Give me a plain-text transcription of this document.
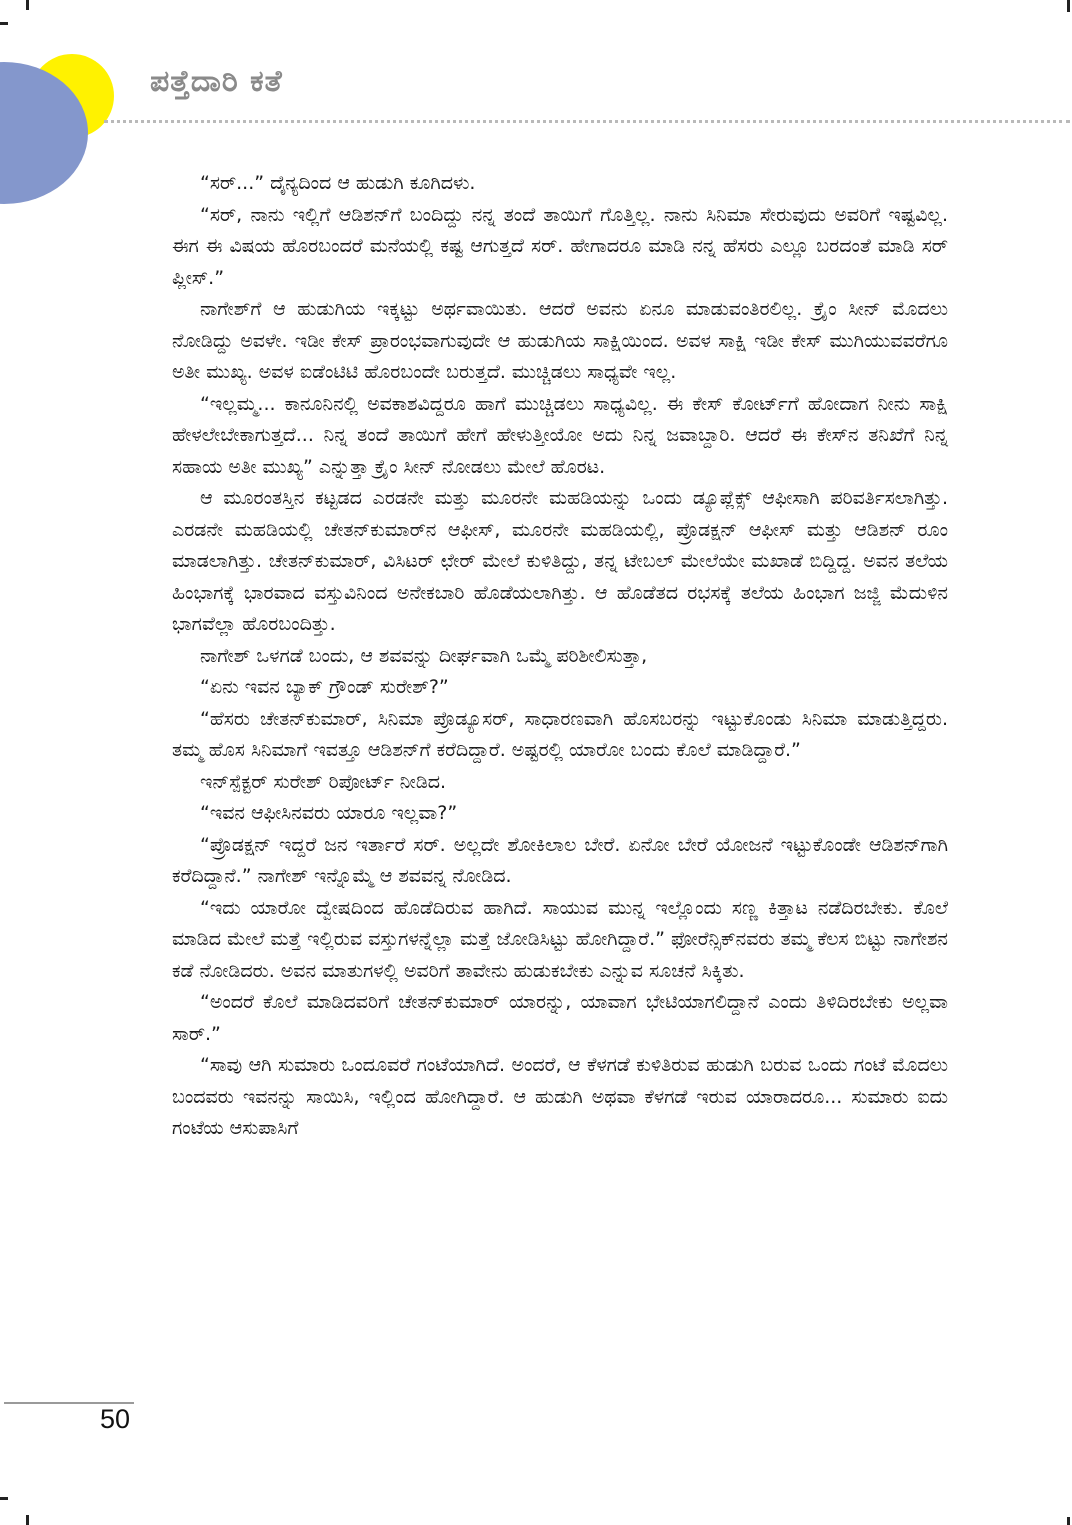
ಪತ್ತೆದಾರಿ ಕತೆ

“ಸರ್...” ದೈನ್ಯದಿಂದ ಆ ಹುಡುಗಿ ಕೂಗಿದಳು.

“ಸರ್, ನಾನು ಇಲ್ಲಿಗೆ ಆಡಿಶನ್‌ಗೆ ಬಂದಿದ್ದು ನನ್ನ ತಂದೆ ತಾಯಿಗೆ ಗೊತ್ತಿಲ್ಲ. ನಾನು ಸಿನಿಮಾ ಸೇರುವುದು ಅವರಿಗೆ ಇಷ್ಟವಿಲ್ಲ. ಈಗ ಈ ವಿಷಯ ಹೊರಬಂದರೆ ಮನೆಯಲ್ಲಿ ಕಷ್ಟ ಆಗುತ್ತದೆ ಸರ್. ಹೇಗಾದರೂ ಮಾಡಿ ನನ್ನ ಹೆಸರು ಎಲ್ಲೂ ಬರದಂತೆ ಮಾಡಿ ಸರ್ ಪ್ಲೀಸ್.”

ನಾಗೇಶ್‌ಗೆ ಆ ಹುಡುಗಿಯ ಇಕ್ಕಟ್ಟು ಅರ್ಥವಾಯಿತು. ಆದರೆ ಅವನು ಏನೂ ಮಾಡುವಂತಿರಲಿಲ್ಲ. ಕ್ರೈಂ ಸೀನ್ ಮೊದಲು ನೋಡಿದ್ದು ಅವಳೇ. ಇಡೀ ಕೇಸ್ ಪ್ರಾರಂಭವಾಗುವುದೇ ಆ ಹುಡುಗಿಯ ಸಾಕ್ಷಿಯಿಂದ. ಅವಳ ಸಾಕ್ಷಿ ಇಡೀ ಕೇಸ್ ಮುಗಿಯುವವರೆಗೂ ಅತೀ ಮುಖ್ಯ. ಅವಳ ಐಡೆಂಟಿಟಿ ಹೊರಬಂದೇ ಬರುತ್ತದೆ. ಮುಚ್ಚಿಡಲು ಸಾಧ್ಯವೇ ಇಲ್ಲ.

“ಇಲ್ಲಮ್ಮ... ಕಾನೂನಿನಲ್ಲಿ ಅವಕಾಶವಿದ್ದರೂ ಹಾಗೆ ಮುಚ್ಚಿಡಲು ಸಾಧ್ಯವಿಲ್ಲ. ಈ ಕೇಸ್ ಕೋರ್ಟ್‌ಗೆ ಹೋದಾಗ ನೀನು ಸಾಕ್ಷಿ ಹೇಳಲೇಬೇಕಾಗುತ್ತದೆ... ನಿನ್ನ ತಂದೆ ತಾಯಿಗೆ ಹೇಗೆ ಹೇಳುತ್ತೀಯೋ ಅದು ನಿನ್ನ ಜವಾಬ್ದಾರಿ. ಆದರೆ ಈ ಕೇಸ್‌ನ ತನಿಖೆಗೆ ನಿನ್ನ ಸಹಾಯ ಅತೀ ಮುಖ್ಯ” ಎನ್ನುತ್ತಾ ಕ್ರೈಂ ಸೀನ್ ನೋಡಲು ಮೇಲೆ ಹೊರಟ.

ಆ ಮೂರಂತಸ್ತಿನ ಕಟ್ಟಡದ ಎರಡನೇ ಮತ್ತು ಮೂರನೇ ಮಹಡಿಯನ್ನು ಒಂದು ಡ್ಯೂಪ್ಲೆಕ್ಸ್ ಆಫೀಸಾಗಿ ಪರಿವರ್ತಿಸಲಾಗಿತ್ತು. ಎರಡನೇ ಮಹಡಿಯಲ್ಲಿ ಚೇತನ್‌ಕುಮಾರ್‌ನ ಆಫೀಸ್, ಮೂರನೇ ಮಹಡಿಯಲ್ಲಿ, ಪ್ರೊಡಕ್ಷನ್ ಆಫೀಸ್ ಮತ್ತು ಆಡಿಶನ್ ರೂಂ ಮಾಡಲಾಗಿತ್ತು. ಚೇತನ್‌ಕುಮಾರ್, ವಿಸಿಟರ್ ಛೇರ್ ಮೇಲೆ ಕುಳಿತಿದ್ದು, ತನ್ನ ಟೇಬಲ್ ಮೇಲೆಯೇ ಮಖಾಡೆ ಬಿದ್ದಿದ್ದ. ಅವನ ತಲೆಯ ಹಿಂಭಾಗಕ್ಕೆ ಭಾರವಾದ ವಸ್ತುವಿನಿಂದ ಅನೇಕಬಾರಿ ಹೊಡೆಯಲಾಗಿತ್ತು. ಆ ಹೊಡೆತದ ರಭಸಕ್ಕೆ ತಲೆಯ ಹಿಂಭಾಗ ಜಜ್ಜಿ ಮೆದುಳಿನ ಭಾಗವೆಲ್ಲಾ ಹೊರಬಂದಿತ್ತು.

ನಾಗೇಶ್ ಒಳಗಡೆ ಬಂದು, ಆ ಶವವನ್ನು ದೀರ್ಘವಾಗಿ ಒಮ್ಮೆ ಪರಿಶೀಲಿಸುತ್ತಾ,

“ಏನು ಇವನ ಬ್ಯಾಕ್ ಗ್ರೌಂಡ್ ಸುರೇಶ್?”

“ಹೆಸರು ಚೇತನ್‌ಕುಮಾರ್, ಸಿನಿಮಾ ಪ್ರೊಡ್ಯೂಸರ್, ಸಾಧಾರಣವಾಗಿ ಹೊಸಬರನ್ನು ಇಟ್ಟುಕೊಂಡು ಸಿನಿಮಾ ಮಾಡುತ್ತಿದ್ದರು. ತಮ್ಮ ಹೊಸ ಸಿನಿಮಾಗೆ ಇವತ್ತೂ ಆಡಿಶನ್‌ಗೆ ಕರೆದಿದ್ದಾರೆ. ಅಷ್ಟರಲ್ಲಿ ಯಾರೋ ಬಂದು ಕೊಲೆ ಮಾಡಿದ್ದಾರೆ.”

ಇನ್‌ಸ್ಪೆಕ್ಟರ್ ಸುರೇಶ್ ರಿಪೋರ್ಟ್ ನೀಡಿದ.

“ಇವನ ಆಫೀಸಿನವರು ಯಾರೂ ಇಲ್ಲವಾ?”

“ಪ್ರೊಡಕ್ಷನ್ ಇದ್ದರೆ ಜನ ಇರ್ತಾರೆ ಸರ್. ಅಲ್ಲದೇ ಶೋಕಿಲಾಲ ಬೇರೆ. ಏನೋ ಬೇರೆ ಯೋಜನೆ ಇಟ್ಟುಕೊಂಡೇ ಆಡಿಶನ್‌ಗಾಗಿ ಕರೆದಿದ್ದಾನೆ.” ನಾಗೇಶ್ ಇನ್ನೊಮ್ಮೆ ಆ ಶವವನ್ನ ನೋಡಿದ.

“ಇದು ಯಾರೋ ದ್ವೇಷದಿಂದ ಹೊಡೆದಿರುವ ಹಾಗಿದೆ. ಸಾಯುವ ಮುನ್ನ ಇಲ್ಲೊಂದು ಸಣ್ಣ ಕಿತ್ತಾಟ ನಡೆದಿರಬೇಕು. ಕೊಲೆ ಮಾಡಿದ ಮೇಲೆ ಮತ್ತೆ ಇಲ್ಲಿರುವ ವಸ್ತುಗಳನ್ನೆಲ್ಲಾ ಮತ್ತೆ ಜೋಡಿಸಿಟ್ಟು ಹೋಗಿದ್ದಾರೆ.” ಫೋರೆನ್ಸಿಕ್‌ನವರು ತಮ್ಮ ಕೆಲಸ ಬಿಟ್ಟು ನಾಗೇಶನ ಕಡೆ ನೋಡಿದರು. ಅವನ ಮಾತುಗಳಲ್ಲಿ ಅವರಿಗೆ ತಾವೇನು ಹುಡುಕಬೇಕು ಎನ್ನುವ ಸೂಚನೆ ಸಿಕ್ಕಿತು.

“ಅಂದರೆ ಕೊಲೆ ಮಾಡಿದವರಿಗೆ ಚೇತನ್‌ಕುಮಾರ್ ಯಾರನ್ನು, ಯಾವಾಗ ಭೇಟಿಯಾಗಲಿದ್ದಾನೆ ಎಂದು ತಿಳಿದಿರಬೇಕು ಅಲ್ಲವಾ ಸಾರ್.”

“ಸಾವು ಆಗಿ ಸುಮಾರು ಒಂದೂವರೆ ಗಂಟೆಯಾಗಿದೆ. ಅಂದರೆ, ಆ ಕೆಳಗಡೆ ಕುಳಿತಿರುವ ಹುಡುಗಿ ಬರುವ ಒಂದು ಗಂಟೆ ಮೊದಲು ಬಂದವರು ಇವನನ್ನು ಸಾಯಿಸಿ, ಇಲ್ಲಿಂದ ಹೋಗಿದ್ದಾರೆ. ಆ ಹುಡುಗಿ ಅಥವಾ ಕೆಳಗಡೆ ಇರುವ ಯಾರಾದರೂ... ಸುಮಾರು ಐದು ಗಂಟೆಯ ಆಸುಪಾಸಿಗೆ

50
